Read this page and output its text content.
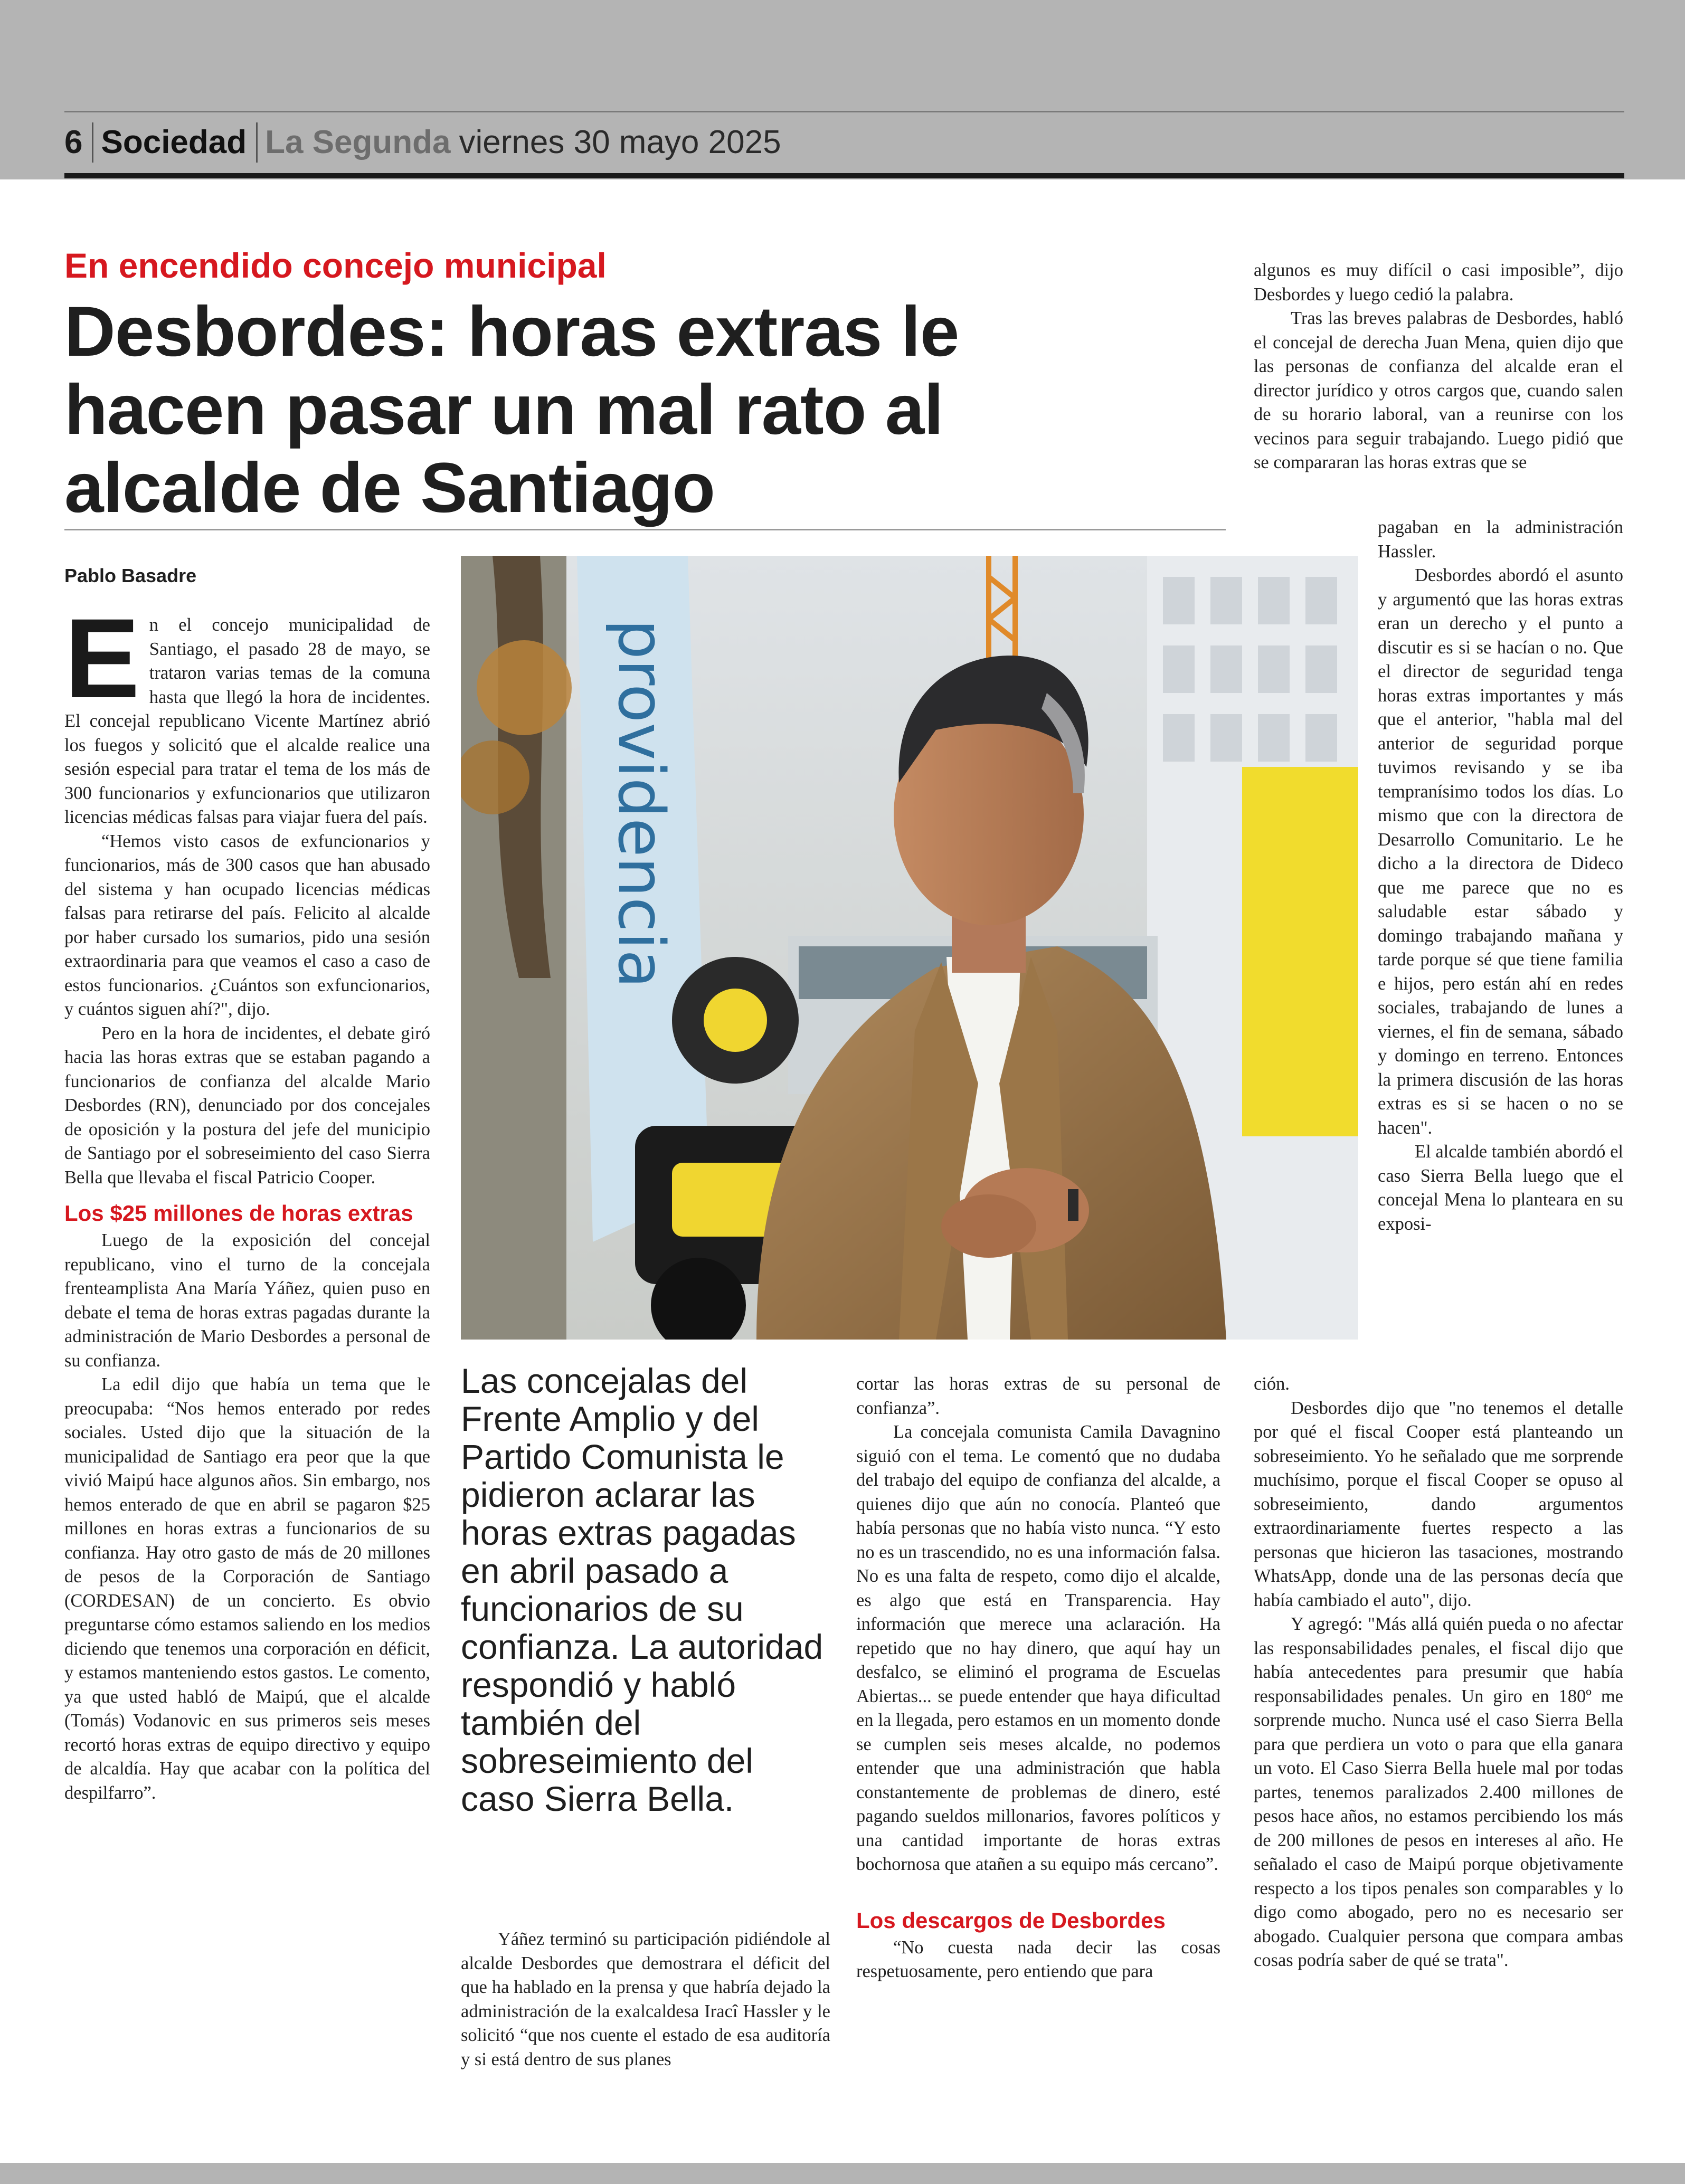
6 Sociedad La Segunda viernes 30 mayo 2025
En encendido concejo municipal
Desbordes: horas extras le
hacen pasar un mal rato al
alcalde de Santiago
Pablo Basadre

En el concejo municipalidad de Santiago, el pasado 28 de mayo, se trataron varias temas de la comuna hasta que llegó la hora de incidentes. El concejal republicano Vicente Martínez abrió los fuegos y solicitó que el alcalde realice una sesión especial para tratar el tema de los más de 300 funcionarios y exfuncionarios que utilizaron licencias médicas falsas para viajar fuera del país.

“Hemos visto casos de exfuncionarios y funcionarios, más de 300 casos que han abusado del sistema y han ocupado licencias médicas falsas para retirarse del país. Felicito al alcalde por haber cursado los sumarios, pido una sesión extraordinaria para que veamos el caso a caso de estos funcionarios. ¿Cuántos son exfuncionarios, y cuántos siguen ahí?", dijo.

Pero en la hora de incidentes, el debate giró hacia las horas extras que se estaban pagando a funcionarios de confianza del alcalde Mario Desbordes (RN), denunciado por dos concejales de oposición y la postura del jefe del municipio de Santiago por el sobreseimiento del caso Sierra Bella que llevaba el fiscal Patricio Cooper.

Los $25 millones de horas extras

Luego de la exposición del concejal republicano, vino el turno de la concejala frenteamplista Ana María Yáñez, quien puso en debate el tema de horas extras pagadas durante la administración de Mario Desbordes a personal de su confianza.

La edil dijo que había un tema que le preocupaba: “Nos hemos enterado por redes sociales. Usted dijo que la situación de la municipalidad de Santiago era peor que la que vivió Maipú hace algunos años. Sin embargo, nos hemos enterado de que en abril se pagaron $25 millones en horas extras a funcionarios de su confianza. Hay otro gasto de más de 20 millones de pesos de la Corporación de Santiago (CORDESAN) de un concierto. Es obvio preguntarse cómo estamos saliendo en los medios diciendo que tenemos una corporación en déficit, y estamos manteniendo estos gastos. Le comento, ya que usted habló de Maipú, que el alcalde (Tomás) Vodanovic en sus primeros seis meses recortó horas extras de equipo directivo y equipo de alcaldía. Hay que acabar con la política del despilfarro”.

providencia
Las concejalas del Frente Amplio y del Partido Comunista le pidieron aclarar las horas extras pagadas en abril pasado a funcionarios de su confianza. La autoridad respondió y habló también del sobreseimiento del caso Sierra Bella.

Yáñez terminó su participación pidiéndole al alcalde Desbordes que demostrara el déficit del que ha hablado en la prensa y que habría dejado la administración de la exalcaldesa Iracî Hassler y le solicitó “que nos cuente el estado de esa auditoría y si está dentro de sus planes

cortar las horas extras de su personal de confianza”.

La concejala comunista Camila Davagnino siguió con el tema. Le comentó que no dudaba del trabajo del equipo de confianza del alcalde, a quienes dijo que aún no conocía. Planteó que había personas que no había visto nunca. “Y esto no es un trascendido, no es una información falsa. No es una falta de respeto, como dijo el alcalde, es algo que está en Transparencia. Hay información que merece una aclaración. Ha repetido que no hay dinero, que aquí hay un desfalco, se eliminó el programa de Escuelas Abiertas... se puede entender que haya dificultad en la llegada, pero estamos en un momento donde se cumplen seis meses alcalde, no podemos entender que una administración que habla constantemente de problemas de dinero, esté pagando sueldos millonarios, favores políticos y una cantidad importante de horas extras bochornosa que atañen a su equipo más cercano”.

Los descargos de Desbordes

“No cuesta nada decir las cosas respetuosamente, pero entiendo que para

algunos es muy difícil o casi imposible”, dijo Desbordes y luego cedió la palabra.

Tras las breves palabras de Desbordes, habló el concejal de derecha Juan Mena, quien dijo que las personas de confianza del alcalde eran el director jurídico y otros cargos que, cuando salen de su horario laboral, van a reunirse con los vecinos para seguir trabajando. Luego pidió que se compararan las horas extras que se

pagaban en la administración Hassler.

Desbordes abordó el asunto y argumentó que las horas extras eran un derecho y el punto a discutir es si se hacían o no. Que el director de seguridad tenga horas extras importantes y más que el anterior, "habla mal del anterior de seguridad porque tuvimos revisando y se iba tempranísimo todos los días. Lo mismo que con la directora de Desarrollo Comunitario. Le he dicho a la directora de Dideco que me parece que no es saludable estar sábado y domingo trabajando mañana y tarde porque sé que tiene familia e hijos, pero están ahí en redes sociales, trabajando de lunes a viernes, el fin de semana, sábado y domingo en terreno. Entonces la primera discusión de las horas extras es si se hacen o no se hacen".

El alcalde también abordó el caso Sierra Bella luego que el concejal Mena lo planteara en su exposi-

ción.

Desbordes dijo que "no tenemos el detalle por qué el fiscal Cooper está planteando un sobreseimiento. Yo he señalado que me sorprende muchísimo, porque el fiscal Cooper se opuso al sobreseimiento, dando argumentos extraordinariamente fuertes respecto a las personas que hicieron las tasaciones, mostrando WhatsApp, donde una de las personas decía que había cambiado el auto", dijo.

Y agregó: "Más allá quién pueda o no afectar las responsabilidades penales, el fiscal dijo que había antecedentes para presumir que había responsabilidades penales. Un giro en 180º me sorprende mucho. Nunca usé el caso Sierra Bella para que perdiera un voto o para que ella ganara un voto. El Caso Sierra Bella huele mal por todas partes, tenemos paralizados 2.400 millones de pesos hace años, no estamos percibiendo los más de 200 millones de pesos en intereses al año. He señalado el caso de Maipú porque objetivamente respecto a los tipos penales son comparables y lo digo como abogado, pero no es necesario ser abogado. Cualquier persona que compara ambas cosas podría saber de qué se trata".
